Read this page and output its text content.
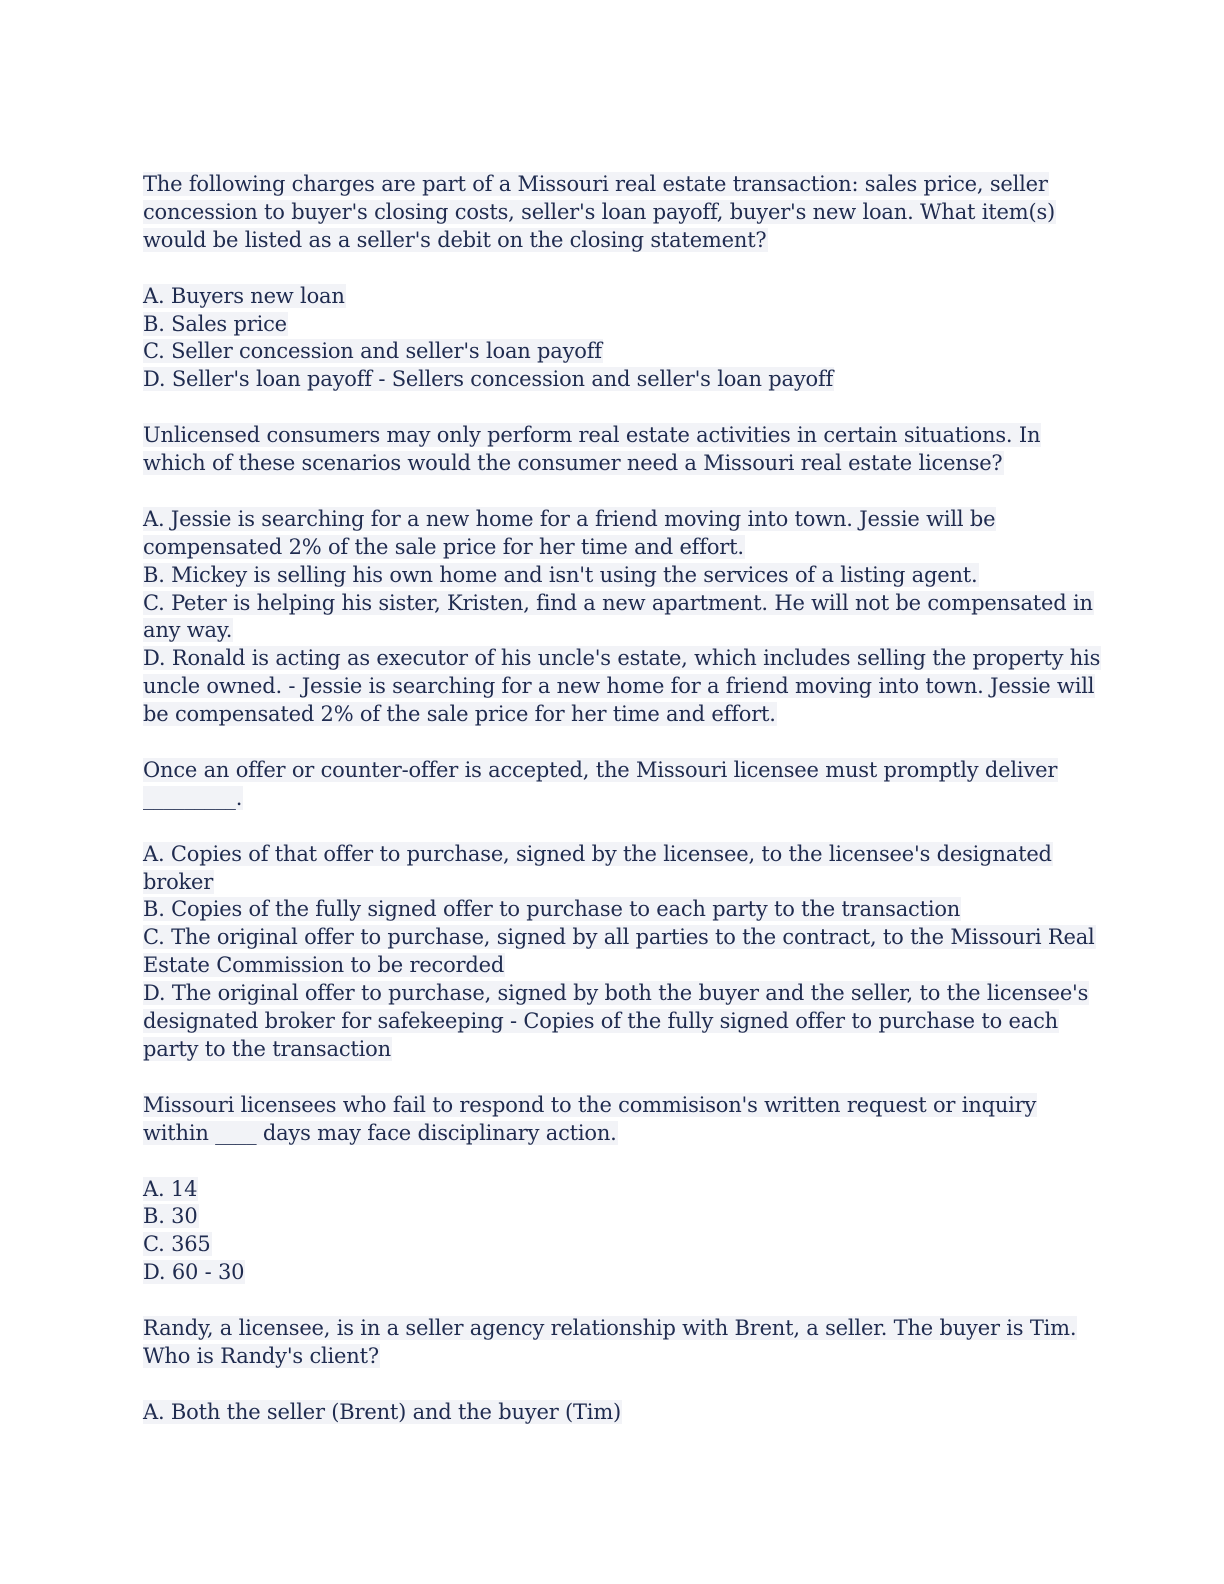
The following charges are part of a Missouri real estate transaction: sales price, seller
concession to buyer's closing costs, seller's loan payoff, buyer's new loan. What item(s)
would be listed as a seller's debit on the closing statement?
A. Buyers new loan
B. Sales price
C. Seller concession and seller's loan payoff
D. Seller's loan payoff - Sellers concession and seller's loan payoff
Unlicensed consumers may only perform real estate activities in certain situations. In
which of these scenarios would the consumer need a Missouri real estate license?
A. Jessie is searching for a new home for a friend moving into town. Jessie will be
compensated 2% of the sale price for her time and effort.
B. Mickey is selling his own home and isn't using the services of a listing agent.
C. Peter is helping his sister, Kristen, find a new apartment. He will not be compensated in
any way.
D. Ronald is acting as executor of his uncle's estate, which includes selling the property his
uncle owned. - Jessie is searching for a new home for a friend moving into town. Jessie will
be compensated 2% of the sale price for her time and effort.
Once an offer or counter-offer is accepted, the Missouri licensee must promptly deliver
_________.
A. Copies of that offer to purchase, signed by the licensee, to the licensee's designated
broker
B. Copies of the fully signed offer to purchase to each party to the transaction
C. The original offer to purchase, signed by all parties to the contract, to the Missouri Real
Estate Commission to be recorded
D. The original offer to purchase, signed by both the buyer and the seller, to the licensee's
designated broker for safekeeping - Copies of the fully signed offer to purchase to each
party to the transaction
Missouri licensees who fail to respond to the commisison's written request or inquiry
within ____ days may face disciplinary action.
A. 14
B. 30
C. 365
D. 60 - 30
Randy, a licensee, is in a seller agency relationship with Brent, a seller. The buyer is Tim.
Who is Randy's client?
A. Both the seller (Brent) and the buyer (Tim)
